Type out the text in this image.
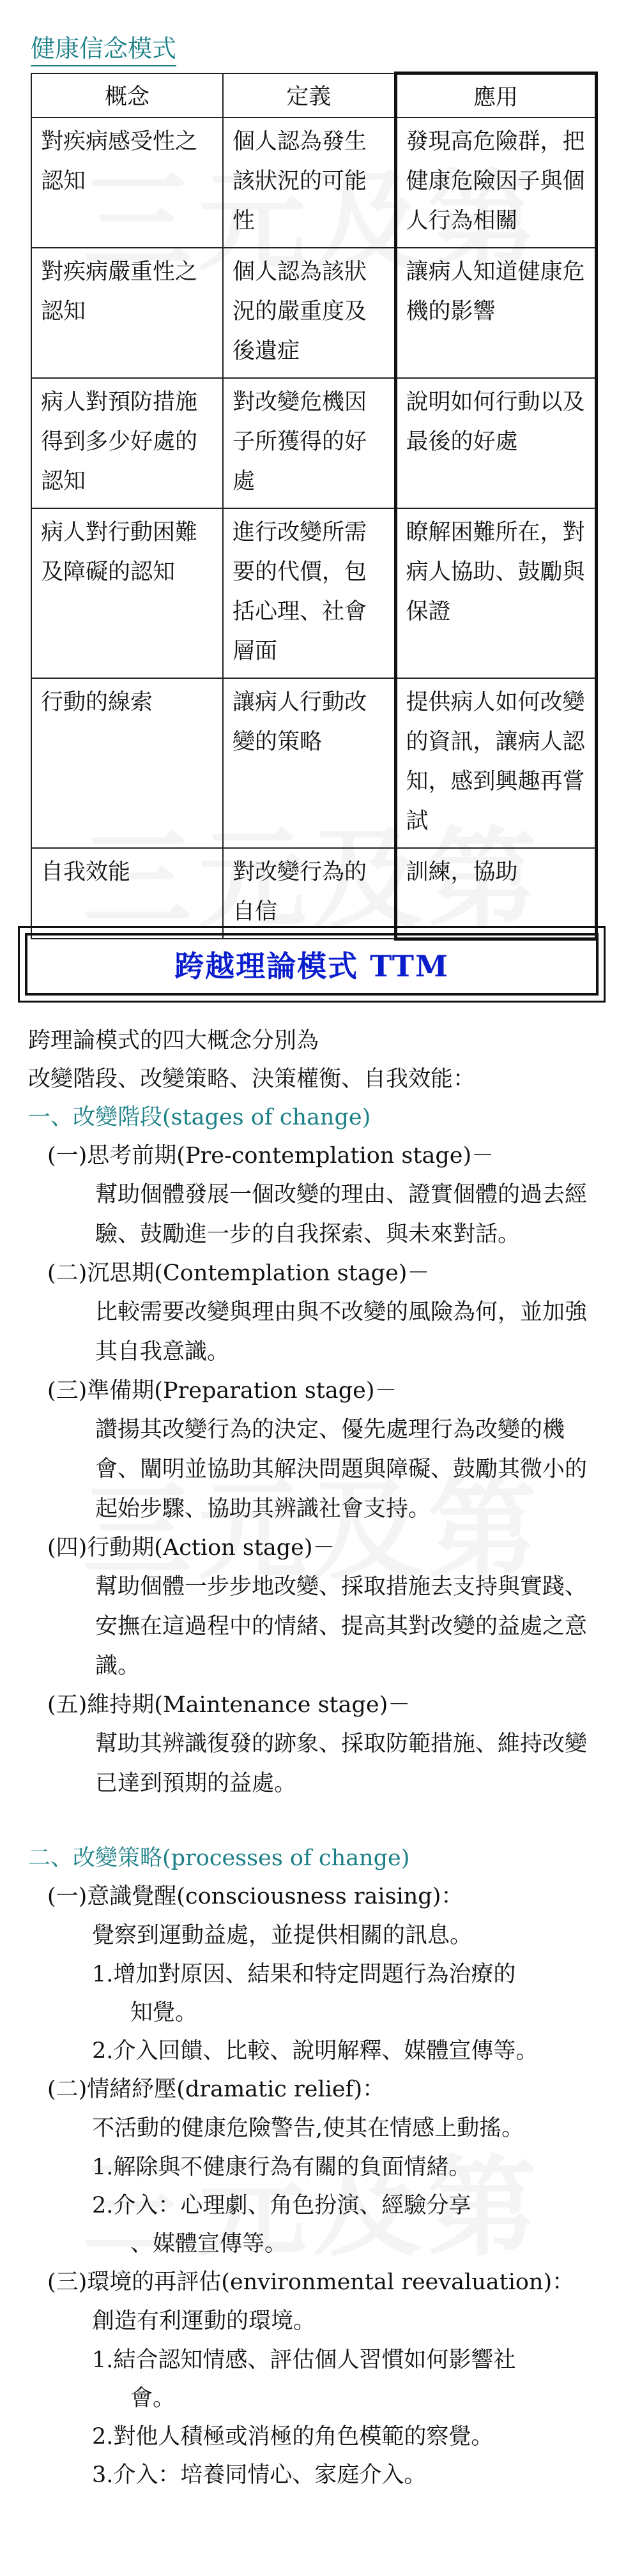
健康信念模式
概念	定義	應用
對疾病感受性之認知	個人認為發生該狀況的可能性	發現高危險群，把健康危險因子與個人行為相關
對疾病嚴重性之認知	個人認為該狀況的嚴重度及後遺症	讓病人知道健康危機的影響
病人對預防措施得到多少好處的認知	對改變危機因子所獲得的好處	說明如何行動以及最後的好處
病人對行動困難及障礙的認知	進行改變所需要的代價，包括心理、社會層面	瞭解困難所在，對病人協助、鼓勵與保證
行動的線索	讓病人行動改變的策略	提供病人如何改變的資訊，讓病人認知，感到興趣再嘗試
自我效能	對改變行為的自信	訓練，協助
跨越理論模式 TTM

跨理論模式的四大概念分別為

改變階段、改變策略、決策權衡、自我效能：

一、改變階段(stages of change)

(一)思考前期(Pre-contemplation stage)－

幫助個體發展一個改變的理由、證實個體的過去經驗、鼓勵進一步的自我探索、與未來對話。

(二)沉思期(Contemplation stage)－

比較需要改變與理由與不改變的風險為何，並加強其自我意識。

(三)準備期(Preparation stage)－

讚揚其改變行為的決定、優先處理行為改變的機會、闡明並協助其解決問題與障礙、鼓勵其微小的起始步驟、協助其辨識社會支持。

(四)行動期(Action stage)－

幫助個體一步步地改變、採取措施去支持與實踐、安撫在這過程中的情緒、提高其對改變的益處之意識。

(五)維持期(Maintenance stage)－

幫助其辨識復發的跡象、採取防範措施、維持改變已達到預期的益處。

二、改變策略(processes of change)

(一)意識覺醒(consciousness raising)：

覺察到運動益處，並提供相關的訊息。

1.增加對原因、結果和特定問題行為治療的

知覺。

2.介入回饋、比較、說明解釋、媒體宣傳等。

(二)情緒紓壓(dramatic relief)：

不活動的健康危險警告,使其在情感上動搖。

1.解除與不健康行為有關的負面情緒。

2.介入：心理劇、角色扮演、經驗分享

、媒體宣傳等。

(三)環境的再評估(environmental reevaluation)：

創造有利運動的環境。

1.結合認知情感、評估個人習慣如何影響社

會。

2.對他人積極或消極的角色模範的察覺。

3.介入：培養同情心、家庭介入。
